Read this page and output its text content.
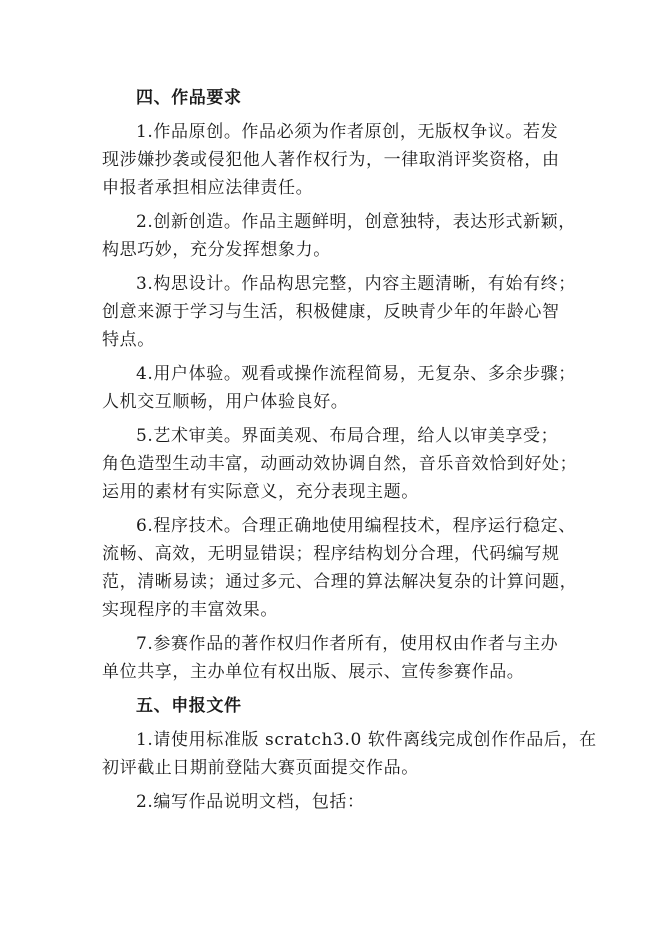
四、作品要求
1.作品原创。作品必须为作者原创，无版权争议。若发
现涉嫌抄袭或侵犯他人著作权行为，一律取消评奖资格，由
申报者承担相应法律责任。
2.创新创造。作品主题鲜明，创意独特，表达形式新颖，
构思巧妙，充分发挥想象力。
3.构思设计。作品构思完整，内容主题清晰，有始有终；
创意来源于学习与生活，积极健康，反映青少年的年龄心智
特点。
4.用户体验。观看或操作流程简易，无复杂、多余步骤；
人机交互顺畅，用户体验良好。
5.艺术审美。界面美观、布局合理，给人以审美享受；
角色造型生动丰富，动画动效协调自然，音乐音效恰到好处；
运用的素材有实际意义，充分表现主题。
6.程序技术。合理正确地使用编程技术，程序运行稳定、
流畅、高效，无明显错误；程序结构划分合理，代码编写规
范，清晰易读；通过多元、合理的算法解决复杂的计算问题，
实现程序的丰富效果。
7.参赛作品的著作权归作者所有，使用权由作者与主办
单位共享，主办单位有权出版、展示、宣传参赛作品。
五、申报文件
1.请使用标准版 scratch3.0 软件离线完成创作作品后，在
初评截止日期前登陆大赛页面提交作品。
2.编写作品说明文档，包括：
